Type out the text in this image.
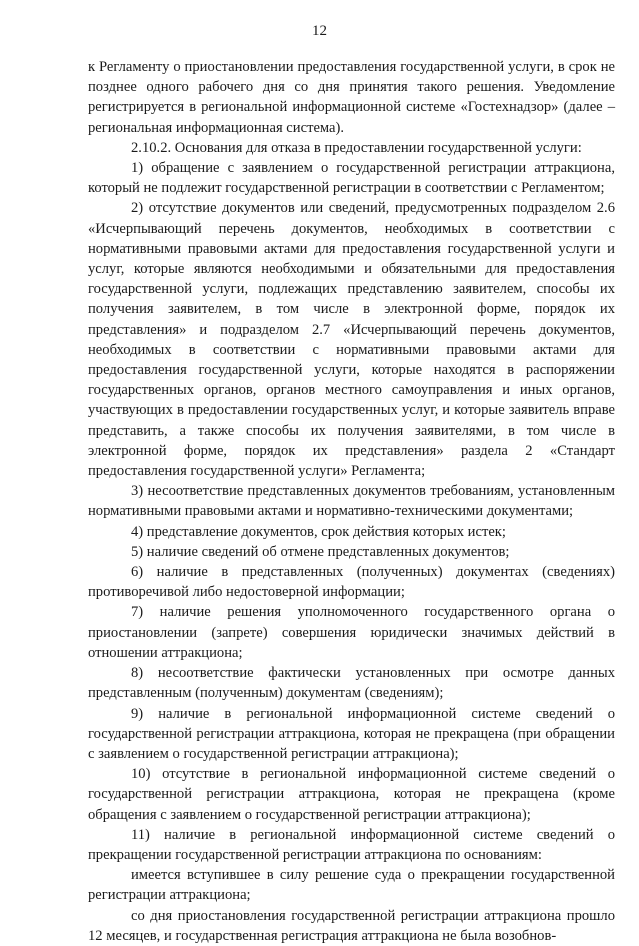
12

к Регламенту о приостановлении предоставления государственной услуги, в срок не позднее одного рабочего дня со дня принятия такого решения. Уведомление регистрируется в региональной информационной системе «Гостехнадзор» (далее – региональная информационная система).

2.10.2. Основания для отказа в предоставлении государственной услуги:

1) обращение с заявлением о государственной регистрации аттракциона, который не подлежит государственной регистрации в соответствии с Регламентом;

2) отсутствие документов или сведений, предусмотренных подразделом 2.6 «Исчерпывающий перечень документов, необходимых в соответствии с нормативными правовыми актами для предоставления государственной услуги и услуг, которые являются необходимыми и обязательными для предоставления государственной услуги, подлежащих представлению заявителем, способы их получения заявителем, в том числе в электронной форме, порядок их представления» и подразделом 2.7 «Исчерпывающий перечень документов, необходимых в соответствии с нормативными правовыми актами для предоставления государственной услуги, которые находятся в распоряжении государственных органов, органов местного самоуправления и иных органов, участвующих в предоставлении государственных услуг, и которые заявитель вправе представить, а также способы их получения заявителями, в том числе в электронной форме, порядок их представления» раздела 2 «Стандарт предоставления государственной услуги» Регламента;

3) несоответствие представленных документов требованиям, установленным нормативными правовыми актами и нормативно-техническими документами;

4) представление документов, срок действия которых истек;

5) наличие сведений об отмене представленных документов;

6) наличие в представленных (полученных) документах (сведениях) противоречивой либо недостоверной информации;

7) наличие решения уполномоченного государственного органа о приостановлении (запрете) совершения юридически значимых действий в отношении аттракциона;

8) несоответствие фактически установленных при осмотре данных представленным (полученным) документам (сведениям);

9) наличие в региональной информационной системе сведений о государственной регистрации аттракциона, которая не прекращена (при обращении с заявлением о государственной регистрации аттракциона);

10) отсутствие в региональной информационной системе сведений о государственной регистрации аттракциона, которая не прекращена (кроме обращения с заявлением о государственной регистрации аттракциона);

11) наличие в региональной информационной системе сведений о прекращении государственной регистрации аттракциона по основаниям:

имеется вступившее в силу решение суда о прекращении государственной регистрации аттракциона;

со дня приостановления государственной регистрации аттракциона прошло 12 месяцев, и государственная регистрация аттракциона не была возобнов-
